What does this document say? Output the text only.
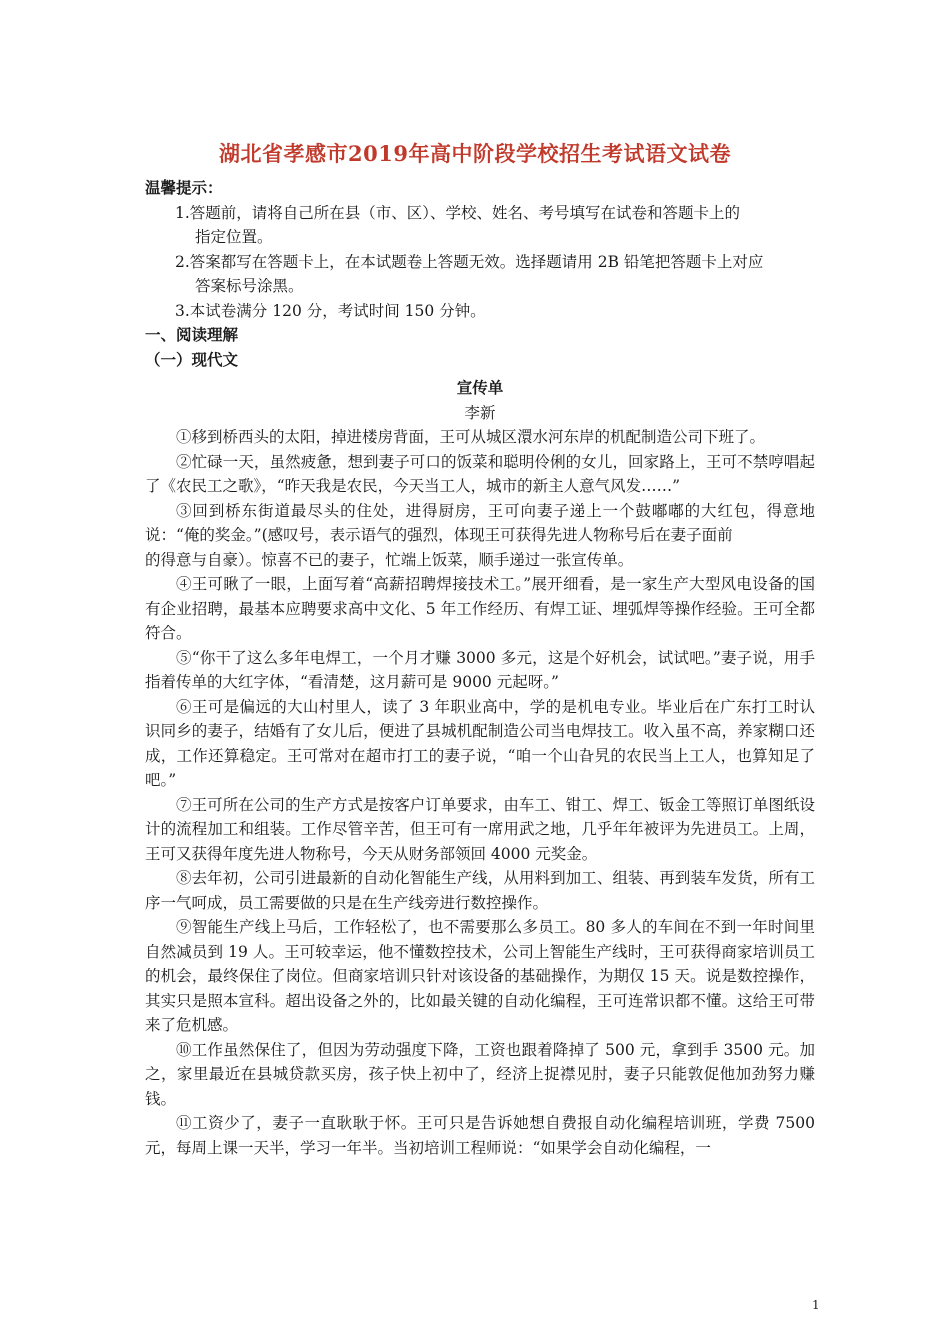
湖北省孝感市2019年高中阶段学校招生考试语文试卷

温馨提示：

1.答题前，请将自己所在县（市、区）、学校、姓名、考号填写在试卷和答题卡上的
指定位置。

2.答案都写在答题卡上，在本试题卷上答题无效。选择题请用 2B 铅笔把答题卡上对应
答案标号涂黑。

3.本试卷满分 120 分，考试时间 150 分钟。

一、阅读理解

（一）现代文

宣传单

李新

①移到桥西头的太阳，掉进楼房背面，王可从城区澴水河东岸的机配制造公司下班了。

②忙碌一天，虽然疲惫，想到妻子可口的饭菜和聪明伶俐的女儿，回家路上，王可不禁哼唱起了《农民工之歌》，“昨天我是农民，今天当工人，城市的新主人意气风发……”

③回到桥东街道最尽头的住处，进得厨房，王可向妻子递上一个鼓嘟嘟的大红包，得意地说：“俺的奖金。”(感叹号，表示语气的强烈，体现王可获得先进人物称号后在妻子面前

的得意与自豪）。惊喜不已的妻子，忙端上饭菜，顺手递过一张宣传单。

④王可瞅了一眼，上面写着“高薪招聘焊接技术工。”展开细看，是一家生产大型风电设备的国有企业招聘，最基本应聘要求高中文化、5 年工作经历、有焊工证、埋弧焊等操作经验。王可全都符合。

⑤“你干了这么多年电焊工，一个月才赚 3000 多元，这是个好机会，试试吧。”妻子说，用手指着传单的大红字体，“看清楚，这月薪可是 9000 元起呀。”

⑥王可是偏远的大山村里人，读了 3 年职业高中，学的是机电专业。毕业后在广东打工时认识同乡的妻子，结婚有了女儿后，便进了县城机配制造公司当电焊技工。收入虽不高，养家糊口还成，工作还算稳定。王可常对在超市打工的妻子说，“咱一个山旮旯的农民当上工人，也算知足了吧。”

⑦王可所在公司的生产方式是按客户订单要求，由车工、钳工、焊工、钣金工等照订单图纸设计的流程加工和组装。工作尽管辛苦，但王可有一席用武之地，几乎年年被评为先进员工。上周，王可又获得年度先进人物称号，今天从财务部领回 4000 元奖金。

⑧去年初，公司引进最新的自动化智能生产线，从用料到加工、组装、再到装车发货，所有工序一气呵成，员工需要做的只是在生产线旁进行数控操作。

⑨智能生产线上马后，工作轻松了，也不需要那么多员工。80 多人的车间在不到一年时间里自然减员到 19 人。王可较幸运，他不懂数控技术，公司上智能生产线时，王可获得商家培训员工的机会，最终保住了岗位。但商家培训只针对该设备的基础操作，为期仅 15 天。说是数控操作，其实只是照本宣科。超出设备之外的，比如最关键的自动化编程，王可连常识都不懂。这给王可带来了危机感。

⑩工作虽然保住了，但因为劳动强度下降，工资也跟着降掉了 500 元，拿到手 3500 元。加之，家里最近在县城贷款买房，孩子快上初中了，经济上捉襟见肘，妻子只能敦促他加劲努力赚钱。

⑪工资少了，妻子一直耿耿于怀。王可只是告诉她想自费报自动化编程培训班，学费 7500 元，每周上课一天半，学习一年半。当初培训工程师说：“如果学会自动化编程，一

1
